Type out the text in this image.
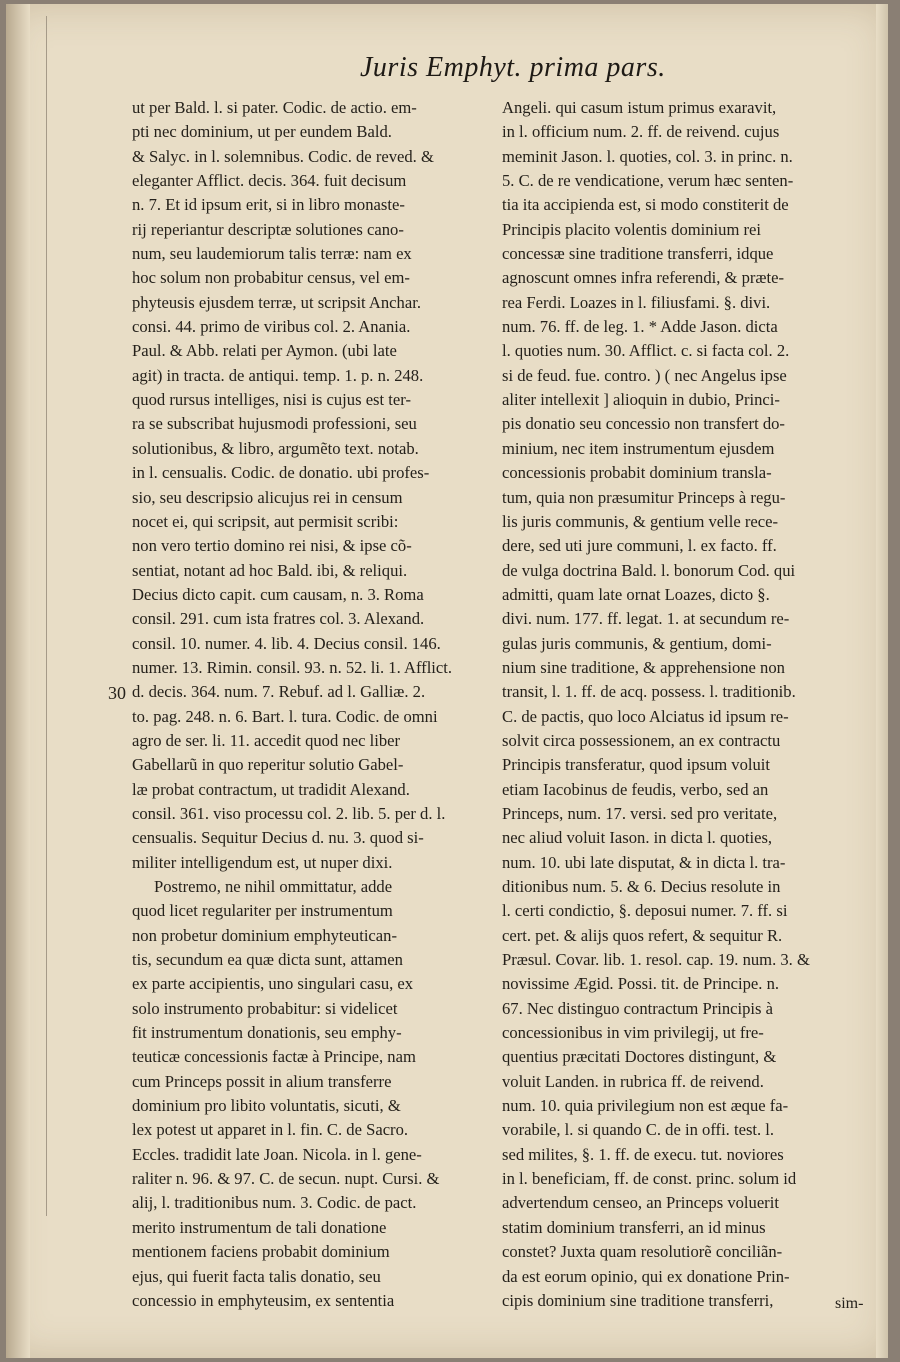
Juris Emphyt. prima pars.
30
ut per Bald. l. si pater. Codic. de actio. em-
pti nec dominium, ut per eundem Bald.
& Salyc. in l. solemnibus. Codic. de reved. &
eleganter Afflict. decis. 364. fuit decisum
n. 7. Et id ipsum erit, si in libro monaste-
rij reperiantur descriptæ solutiones cano-
num, seu laudemiorum talis terræ: nam ex
hoc solum non probabitur census, vel em-
phyteusis ejusdem terræ, ut scripsit Anchar.
consi. 44. primo de viribus col. 2. Anania.
Paul. & Abb. relati per Aymon. (ubi late
agit) in tracta. de antiqui. temp. 1. p. n. 248.
quod rursus intelliges, nisi is cujus est ter-
ra se subscribat hujusmodi professioni, seu
solutionibus, & libro, argumẽto text. notab.
in l. censualis. Codic. de donatio. ubi profes-
sio, seu descripsio alicujus rei in censum
nocet ei, qui scripsit, aut permisit scribi:
non vero tertio domino rei nisi, & ipse cõ-
sentiat, notant ad hoc Bald. ibi, & reliqui.
Decius dicto capit. cum causam, n. 3. Roma
consil. 291. cum ista fratres col. 3. Alexand.
consil. 10. numer. 4. lib. 4. Decius consil. 146.
numer. 13. Rimin. consil. 93. n. 52. li. 1. Afflict.
d. decis. 364. num. 7. Rebuf. ad l. Galliæ. 2.
to. pag. 248. n. 6. Bart. l. tura. Codic. de omni
agro de ser. li. 11. accedit quod nec liber
Gabellarũ in quo reperitur solutio Gabel-
læ probat contractum, ut tradidit Alexand.
consil. 361. viso processu col. 2. lib. 5. per d. l.
censualis. Sequitur Decius d. nu. 3. quod si-
militer intelligendum est, ut nuper dixi.
Postremo, ne nihil ommittatur, adde
quod licet regulariter per instrumentum
non probetur dominium emphyteutican-
tis, secundum ea quæ dicta sunt, attamen
ex parte accipientis, uno singulari casu, ex
solo instrumento probabitur: si videlicet
fit instrumentum donationis, seu emphy-
teuticæ concessionis factæ à Principe, nam
cum Princeps possit in alium transferre
dominium pro libito voluntatis, sicuti, &
lex potest ut apparet in l. fin. C. de Sacro.
Eccles. tradidit late Joan. Nicola. in l. gene-
raliter n. 96. & 97. C. de secun. nupt. Cursi. &
alij, l. traditionibus num. 3. Codic. de pact.
merito instrumentum de tali donatione
mentionem faciens probabit dominium
ejus, qui fuerit facta talis donatio, seu
concessio in emphyteusim, ex sententia
Angeli. qui casum istum primus exaravit,
in l. officium num. 2. ff. de reivend. cujus
meminit Jason. l. quoties, col. 3. in princ. n.
5. C. de re vendicatione, verum hæc senten-
tia ita accipienda est, si modo constiterit de
Principis placito volentis dominium rei
concessæ sine traditione transferri, idque
agnoscunt omnes infra referendi, & præte-
rea Ferdi. Loazes in l. filiusfami. §. divi.
num. 76. ff. de leg. 1. * Adde Jason. dicta
l. quoties num. 30. Afflict. c. si facta col. 2.
si de feud. fue. contro. ) ( nec Angelus ipse
aliter intellexit ] alioquin in dubio, Princi-
pis donatio seu concessio non transfert do-
minium, nec item instrumentum ejusdem
concessionis probabit dominium transla-
tum, quia non præsumitur Princeps à regu-
lis juris communis, & gentium velle rece-
dere, sed uti jure communi, l. ex facto. ff.
de vulga doctrina Bald. l. bonorum Cod. qui
admitti, quam late ornat Loazes, dicto §.
divi. num. 177. ff. legat. 1. at secundum re-
gulas juris communis, & gentium, domi-
nium sine traditione, & apprehensione non
transit, l. 1. ff. de acq. possess. l. traditionib.
C. de pactis, quo loco Alciatus id ipsum re-
solvit circa possessionem, an ex contractu
Principis transferatur, quod ipsum voluit
etiam Iacobinus de feudis, verbo, sed an
Princeps, num. 17. versi. sed pro veritate,
nec aliud voluit Iason. in dicta l. quoties,
num. 10. ubi late disputat, & in dicta l. tra-
ditionibus num. 5. & 6. Decius resolute in
l. certi condictio, §. deposui numer. 7. ff. si
cert. pet. & alijs quos refert, & sequitur R.
Præsul. Covar. lib. 1. resol. cap. 19. num. 3. &
novissime Ægid. Possi. tit. de Principe. n.
67. Nec distinguo contractum Principis à
concessionibus in vim privilegij, ut fre-
quentius præcitati Doctores distingunt, &
voluit Landen. in rubrica ff. de reivend.
num. 10. quia privilegium non est æque fa-
vorabile, l. si quando C. de in offi. test. l.
sed milites, §. 1. ff. de execu. tut. noviores
in l. beneficiam, ff. de const. princ. solum id
advertendum censeo, an Princeps voluerit
statim dominium transferri, an id minus
constet? Juxta quam resolutiorẽ conciliãn-
da est eorum opinio, qui ex donatione Prin-
cipis dominium sine traditione transferri,	sim-
